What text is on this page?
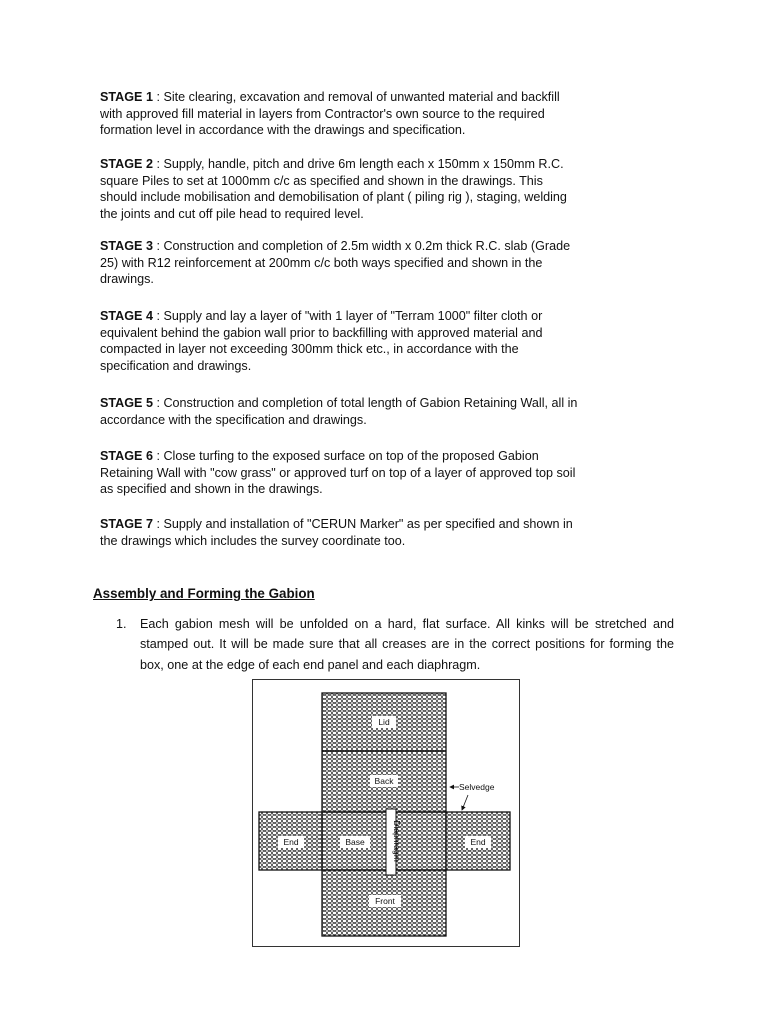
STAGE 1 : Site clearing, excavation and removal of unwanted material and backfill with approved fill material in layers from Contractor's own source to the required formation level in accordance with the drawings and specification.

STAGE 2 : Supply, handle, pitch and drive 6m length each x 150mm x 150mm R.C. square Piles to set at 1000mm c/c as specified and shown in the drawings. This should include mobilisation and demobilisation of plant ( piling rig ), staging, welding the joints and cut off pile head to required level.

STAGE 3 : Construction and completion of 2.5m width x 0.2m thick R.C. slab (Grade 25) with R12 reinforcement at 200mm c/c both ways specified and shown in the drawings.

STAGE 4 : Supply and lay a layer of "with 1 layer of "Terram 1000" filter cloth or equivalent behind the gabion wall prior to backfilling with approved material and compacted in layer not exceeding 300mm thick etc., in accordance with the specification and drawings.

STAGE 5 : Construction and completion of total length of Gabion Retaining Wall, all in accordance with the specification and drawings.

STAGE 6 : Close turfing to the exposed surface on top of the proposed Gabion Retaining Wall with "cow grass" or approved turf on top of a layer of approved top soil as specified and shown in the drawings.

STAGE 7 : Supply and installation of "CERUN Marker" as per specified and shown in the drawings which includes the survey coordinate too.

Assembly and Forming the Gabion
1. Each gabion mesh will be unfolded on a hard, flat surface. All kinks will be stretched and stamped out. It will be made sure that all creases are in the correct positions for forming the box, one at the edge of each end panel and each diaphragm.

Lid
Back
Base	Diaphragm
Front
End	End
Selvedge
